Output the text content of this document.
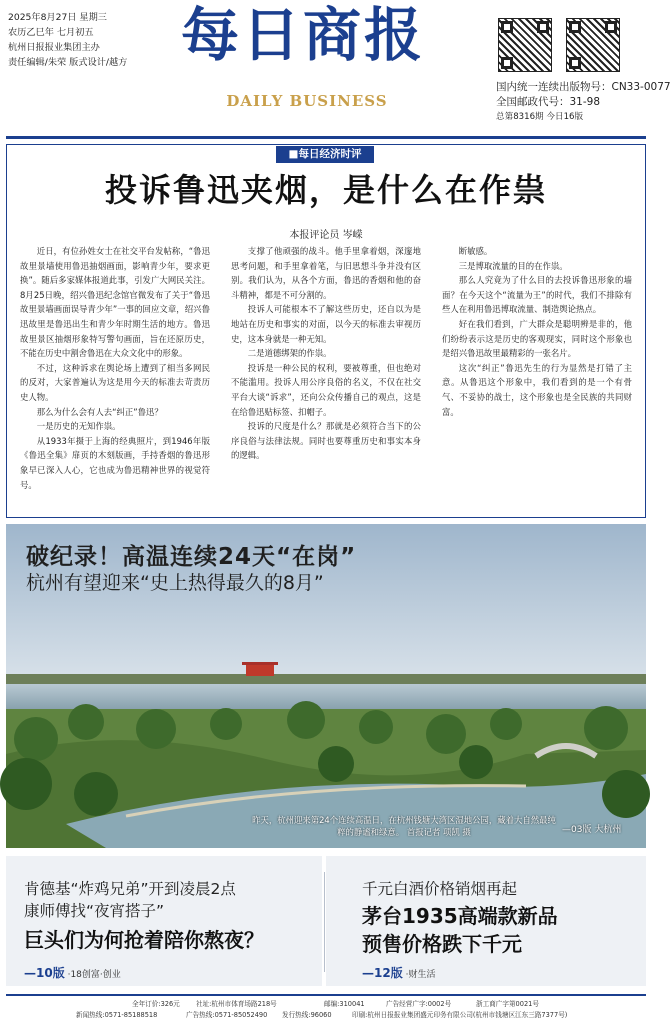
2025年8月27日 星期三
农历乙巳年 七月初五
杭州日报报业集团主办
责任编辑/朱荣 版式设计/越方 每日商报
DAILY BUSINESS
国内统一连续出版物号：CN33-0077
全国邮政代号：31-98
总第8316期 今日16版
■每日经济时评
投诉鲁迅夹烟，是什么在作祟
本报评论员 岑嵘

近日，有位孙姓女士在社交平台发帖称，“鲁迅故里景墙使用鲁迅抽烟画面，影响青少年，要求更换”。随后多家媒体报道此事，引发广大网民关注。8月25日晚，绍兴鲁迅纪念馆官微发布了关于“鲁迅故里景墙画面误导青少年”一事的回应文章，绍兴鲁迅故里是鲁迅出生和青少年时期生活的地方。鲁迅故里景区抽烟形象特写警句画面，旨在还原历史，不能在历史中割舍鲁迅在大众文化中的形象。

不过，这种诉求在舆论场上遭到了相当多网民的反对，大家普遍认为这是用今天的标准去苛责历史人物。

那么为什么会有人去“纠正”鲁迅？

一是历史的无知作祟。

从1933年摄于上海的经典照片，到1946年版《鲁迅全集》扉页的木刻版画，手持香烟的鲁迅形象早已深入人心，它也成为鲁迅精神世界的视觉符号。

支撑了他顽强的战斗。他手里拿着烟，深邃地思考问题，和手里拿着笔，与旧思想斗争并没有区别。我们认为，从各个方面，鲁迅的香烟和他的奋斗精神，都是不可分割的。

投诉人可能根本不了解这些历史，还自以为是地站在历史和事实的对面，以今天的标准去审视历史，这本身就是一种无知。

二是道德绑架的作祟。

投诉是一种公民的权利，要被尊重，但也绝对不能滥用。投诉人用公序良俗的名义，不仅在社交平台大谈“诉求”，还向公众传播自己的观点，这是在给鲁迅贴标签、扣帽子。

投诉的尺度是什么？那就是必须符合当下的公序良俗与法律法规。同时也要尊重历史和事实本身的逻辑。

断敏感。

三是博取流量的目的在作祟。

那么人究竟为了什么目的去投诉鲁迅形象的墙面？在今天这个“流量为王”的时代，我们不排除有些人在利用鲁迅博取流量、制造舆论热点。

好在我们看到，广大群众是聪明辨是非的，他们纷纷表示这是历史的客观现实，同时这个形象也是绍兴鲁迅故里最精彩的一张名片。

这次“纠正”鲁迅先生的行为显然是打错了主意。从鲁迅这个形象中，我们看到的是一个有骨气、不妥协的战士，这个形象也是全民族的共同财富。

破纪录！高温连续24天“在岗”
杭州有望迎来“史上热得最久的8月”
昨天，杭州迎来第24个连续高温日，在杭州钱塘大湾区湿地公园，藏着大自然最纯粹的静谧和绿意。 首报记者 项凯 摄	—03版 大杭州
肯德基“炸鸡兄弟”开到凌晨2点
康师傅找“夜宵搭子”
巨头们为何抢着陪你熬夜？
—10版 ·18创富·创业
千元白酒价格销烟再起
茅台1935高端款新品
预售价格跌下千元
—12版 ·财生活
全年订价:326元 社址:杭州市体育场路218号	邮编:310041	广告经营广字:0002号	浙工商广字第0021号
新闻热线:0571-85188518	广告热线:0571-85052490 发行热线:96060	印刷:杭州日报报业集团盛元印务有限公司(杭州市钱塘区江东三路7377号)
